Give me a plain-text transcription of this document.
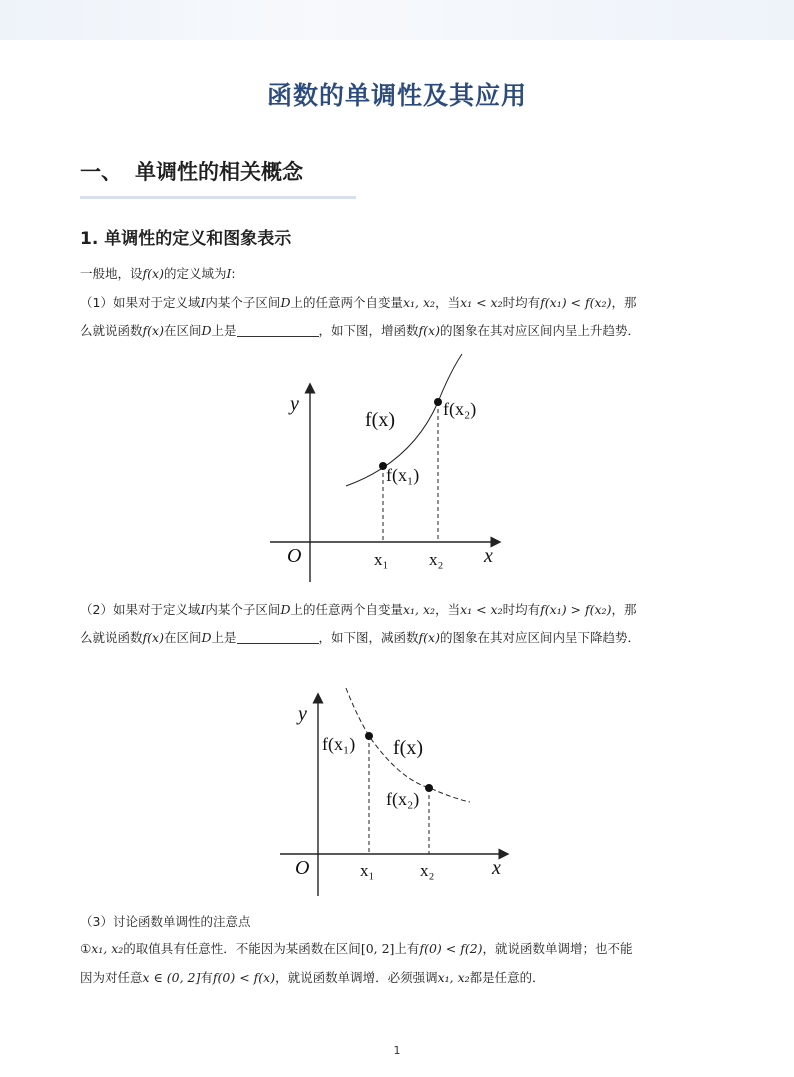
函数的单调性及其应用
一、 单调性的相关概念
1. 单调性的定义和图象表示
一般地，设f(x)的定义域为I:
（1）如果对于定义域I内某个子区间D上的任意两个自变量x₁, x₂，当x₁ < x₂时均有f(x₁) < f(x₂)，那
么就说函数f(x)在区间D上是	，如下图，增函数f(x)的图象在其对应区间内呈上升趋势．
y
x
O
f(x)
f(x₁)
f(x₂)
x₁ x₂
（2）如果对于定义域I内某个子区间D上的任意两个自变量x₁, x₂，当x₁ < x₂时均有f(x₁) > f(x₂)，那
么就说函数f(x)在区间D上是	，如下图，减函数f(x)的图象在其对应区间内呈下降趋势．
y
x
O
f(x₁) f(x)
f(x₂)
x₁	x₂
（3）讨论函数单调性的注意点
①x₁, x₂的取值具有任意性．不能因为某函数在区间[0, 2]上有f(0) < f(2)，就说函数单调增；也不能
因为对任意x ∈ (0, 2]有f(0) < f(x)，就说函数单调增．必须强调x₁, x₂都是任意的．
1
